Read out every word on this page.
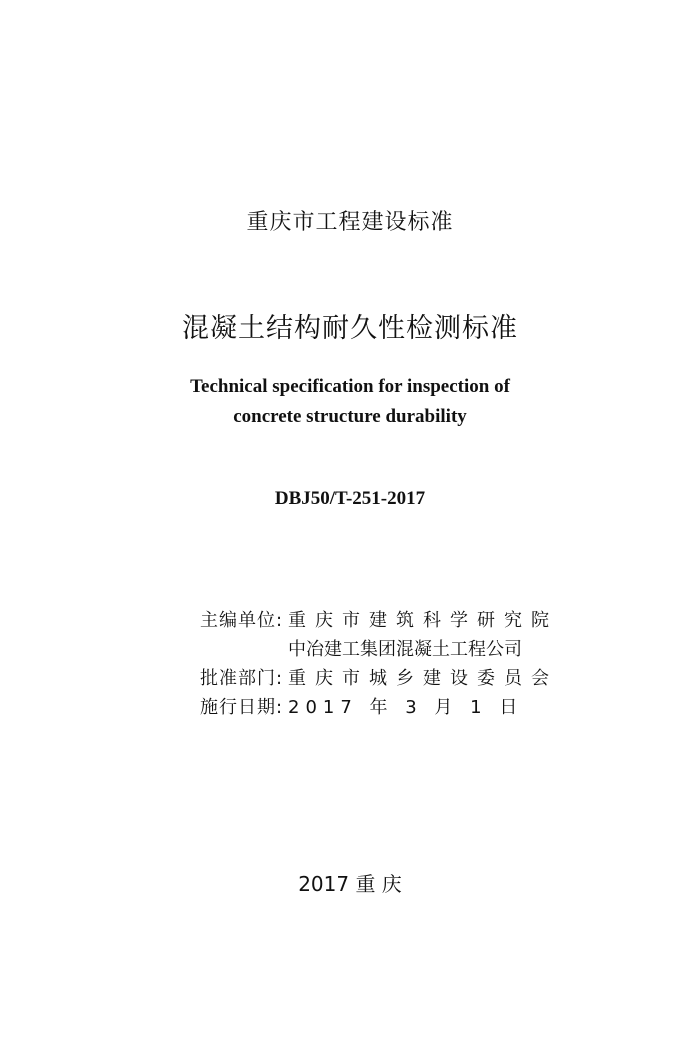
重庆市工程建设标准
混凝土结构耐久性检测标准
Technical specification for inspection of
concrete structure durability
DBJ50/T-251-2017
主编单位: 重庆市建筑科学研究院
中冶建工集团混凝土工程公司
批准部门: 重庆市城乡建设委员会
施行日期: 2017 年 3 月 1 日
2017 重 庆
